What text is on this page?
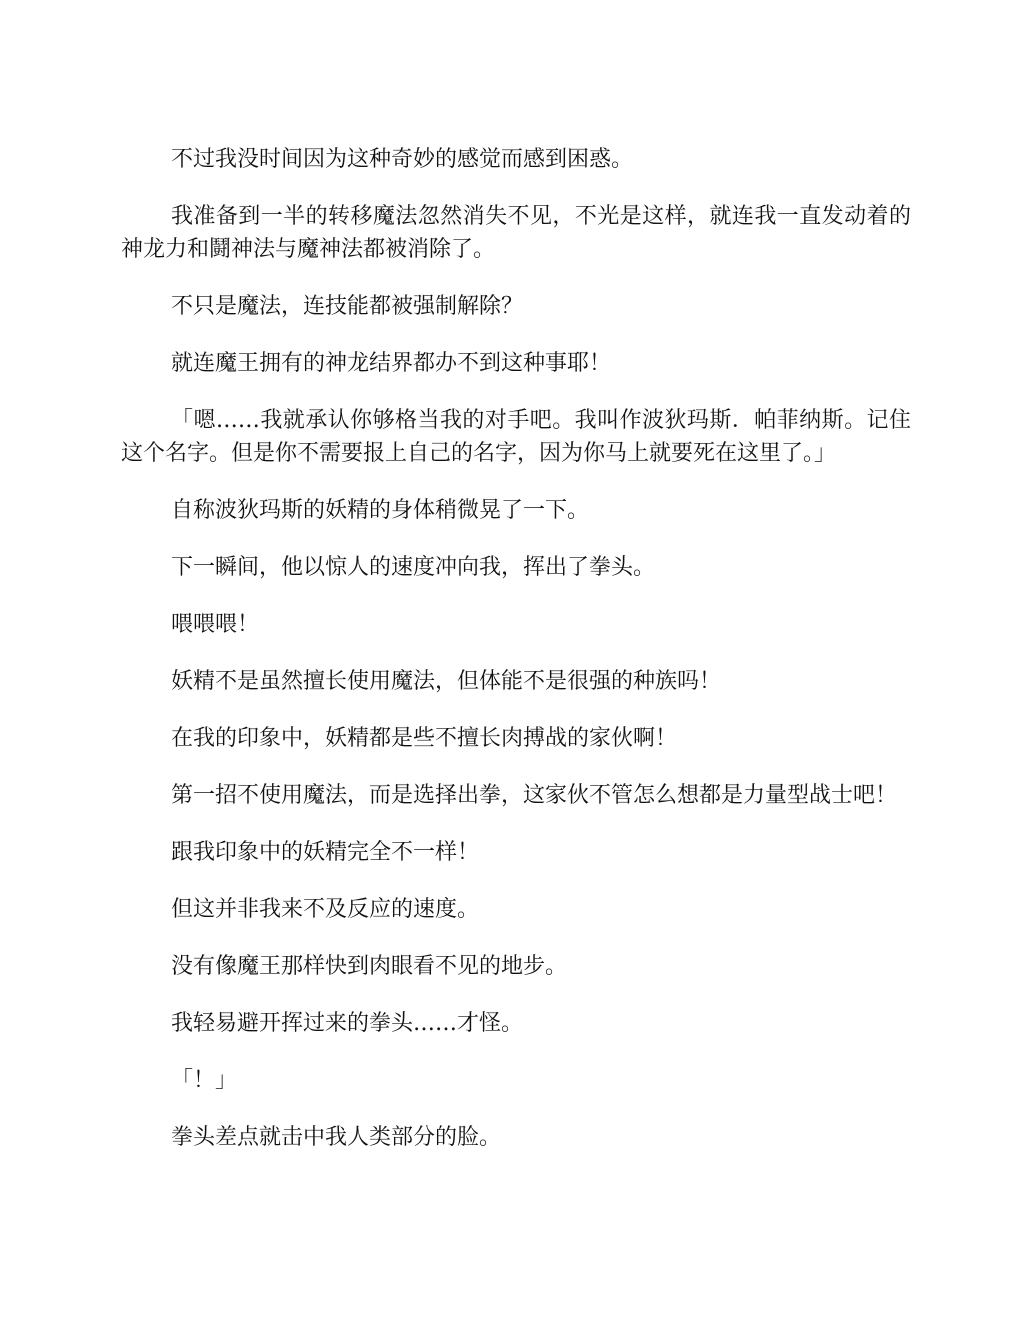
不过我没时间因为这种奇妙的感觉而感到困惑。

我准备到一半的转移魔法忽然消失不见，不光是这样，就连我一直发动着的神龙力和鬪神法与魔神法都被消除了。

不只是魔法，连技能都被强制解除？

就连魔王拥有的神龙结界都办不到这种事耶！

「嗯……我就承认你够格当我的对手吧。我叫作波狄玛斯．帕菲纳斯。记住这个名字。但是你不需要报上自己的名字，因为你马上就要死在这里了。」

自称波狄玛斯的妖精的身体稍微晃了一下。

下一瞬间，他以惊人的速度冲向我，挥出了拳头。

喂喂喂！

妖精不是虽然擅长使用魔法，但体能不是很强的种族吗！

在我的印象中，妖精都是些不擅长肉搏战的家伙啊！

第一招不使用魔法，而是选择出拳，这家伙不管怎么想都是力量型战士吧！

跟我印象中的妖精完全不一样！

但这并非我来不及反应的速度。

没有像魔王那样快到肉眼看不见的地步。

我轻易避开挥过来的拳头……才怪。

「！」

拳头差点就击中我人类部分的脸。
